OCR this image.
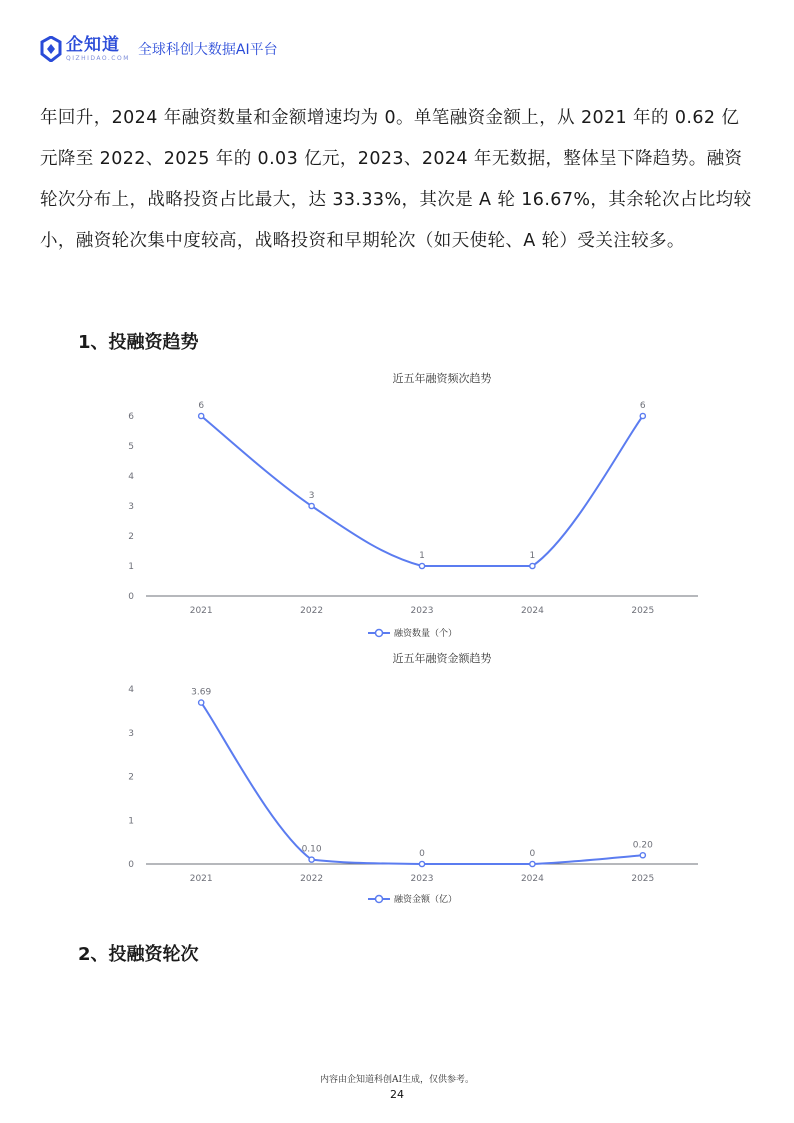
企知道
QIZHIDAO.COM 全球科创大数据AI平台

年回升，2024 年融资数量和金额增速均为 0。单笔融资金额上，从 2021 年的 0.62 亿元降至 2022、2025 年的 0.03 亿元，2023、2024 年无数据，整体呈下降趋势。融资轮次分布上，战略投资占比最大，达 33.33%，其次是 A 轮 16.67%，其余轮次占比均较小，融资轮次集中度较高，战略投资和早期轮次（如天使轮、A 轮）受关注较多。

1、投融资趋势
近五年融资频次趋势
0
1
2
3
4
5
6
2021	2022	2023	2024	2025
6
3
1	1
6
融资数量（个）
近五年融资金额趋势
0
1
2
3
4
2021	2022	2023	2024	2025
3.69
0.10	0	0
0.20
融资金额（亿）
2、投融资轮次
内容由企知道科创AI生成，仅供参考。
24
